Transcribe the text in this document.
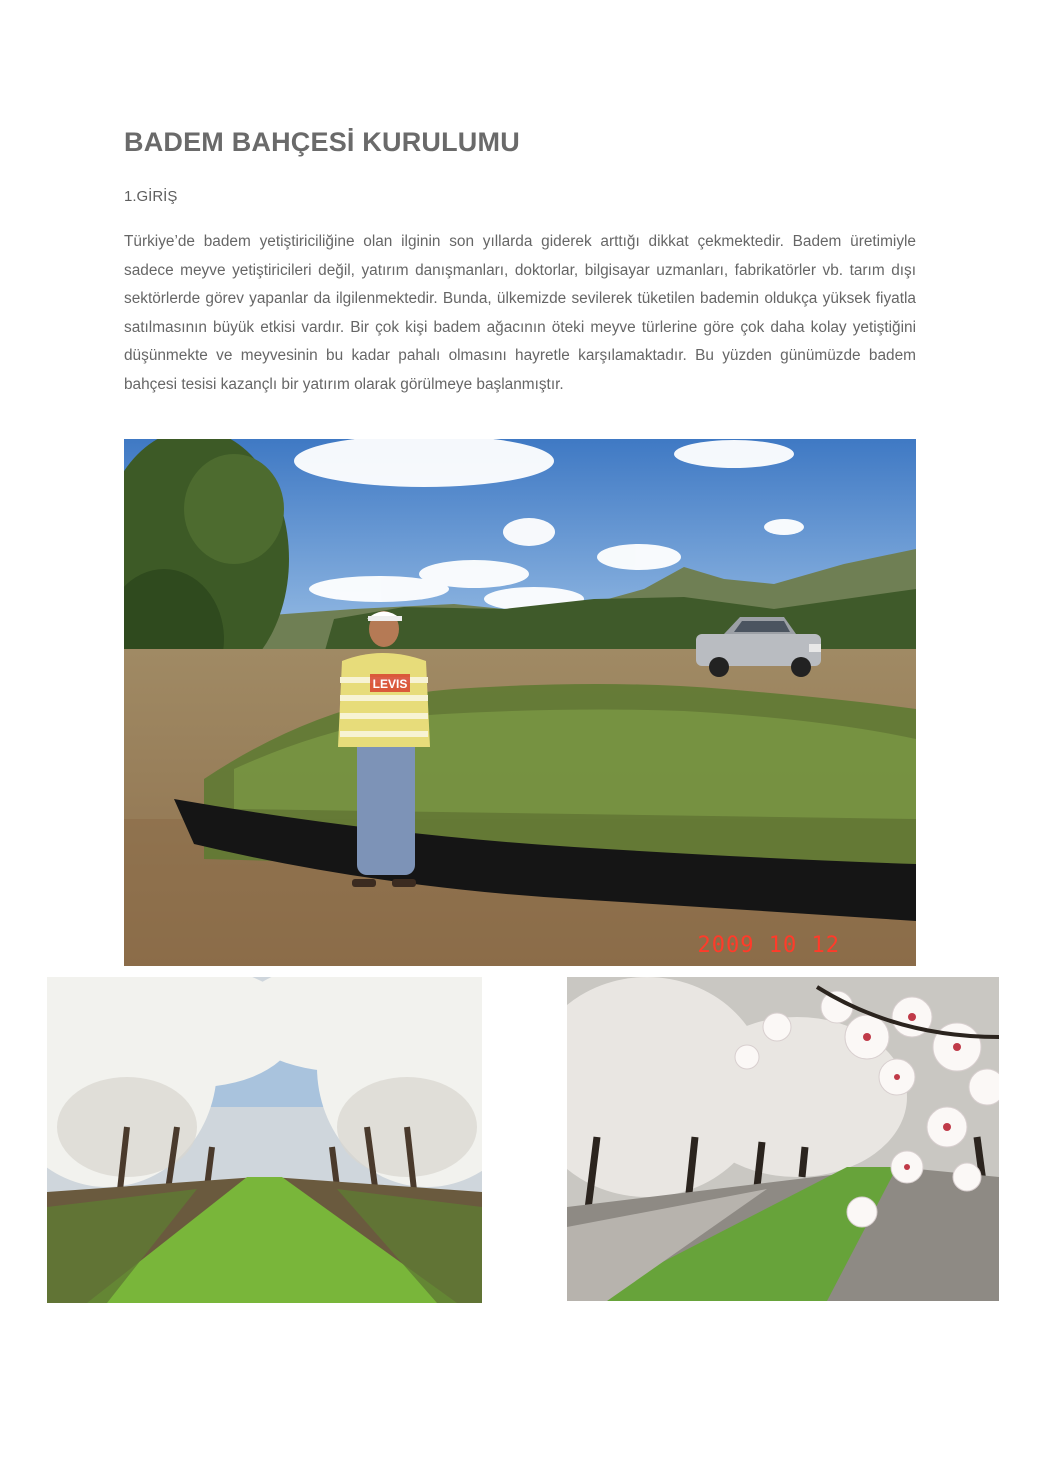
BADEM BAHÇESİ KURULUMU

1.GİRİŞ

Türkiye’de badem yetiştiriciliğine olan ilginin son yıllarda giderek arttığı dikkat çekmektedir. Badem üretimiyle sadece meyve yetiştiricileri değil, yatırım danışmanları, doktorlar, bilgisayar uzmanları, fabrikatörler vb. tarım dışı sektörlerde görev yapanlar da ilgilenmektedir. Bunda, ülkemizde sevilerek tüketilen bademin oldukça yüksek fiyatla satılmasının büyük etkisi vardır. Bir çok kişi badem ağacının öteki meyve türlerine göre çok daha kolay yetiştiğini düşünmekte ve meyvesinin bu kadar pahalı olmasını hayretle karşılamaktadır. Bu yüzden günümüzde badem bahçesi tesisi kazançlı bir yatırım olarak görülmeye başlanmıştır.

LEVIS
2009 10 12
